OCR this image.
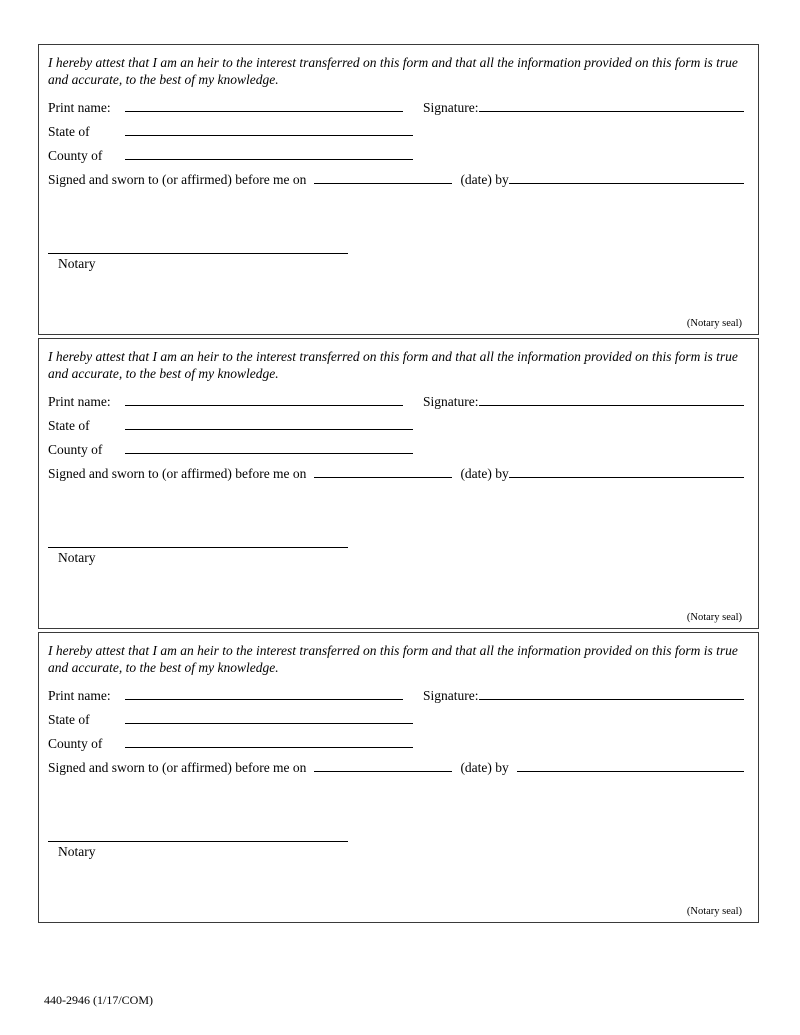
I hereby attest that I am an heir to the interest transferred on this form and that all the information provided on this form is true and accurate, to the best of my knowledge.

Print name:	Signature:
State of
County of
Signed and sworn to (or affirmed) before me on	(date) by
Notary
(Notary seal)

I hereby attest that I am an heir to the interest transferred on this form and that all the information provided on this form is true and accurate, to the best of my knowledge.

Print name:	Signature:
State of
County of
Signed and sworn to (or affirmed) before me on	(date) by
Notary
(Notary seal)

I hereby attest that I am an heir to the interest transferred on this form and that all the information provided on this form is true and accurate, to the best of my knowledge.

Print name:	Signature:
State of
County of
Signed and sworn to (or affirmed) before me on	(date) by
Notary
(Notary seal)
440-2946 (1/17/COM)
